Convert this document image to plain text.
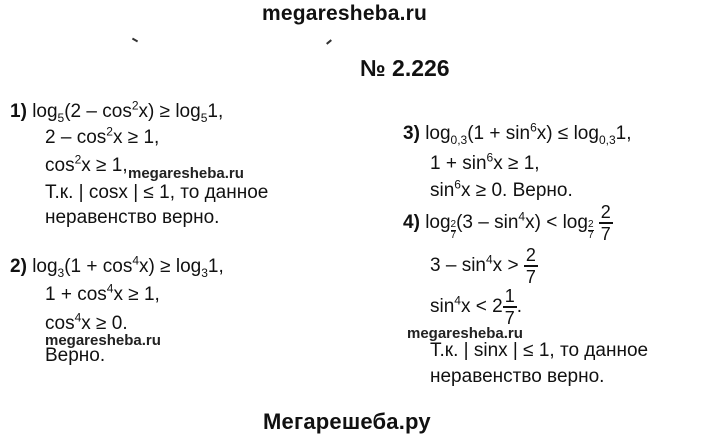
megaresheba.ru
№ 2.226
1) $\log_5(2 - \cos^2x) \ge \log_51$,
$2 - \cos^2x \ge 1$,
$\cos^2x \ge 1$, megaresheba.ru
Т.к. | cosx | ≤ 1, то данное
неравенство верно.
2) $\log_3(1 + \cos^4x) \ge \log_31$,
$1 + \cos^4x \ge 1$,
$\cos^4x \ge 0$.
megaresheba.ru
Верно.
3) $\log_{0,3}(1 + \sin^6x) \le \log_{0,3}1$,
$1 + \sin^6x \ge 1$,
$\sin^6x \ge 0$. Верно.
4) $\log \frac{2}{7}(3 - \sin^4x) < \log \frac{2}{7} \frac{2}{7}$
$3 - \sin^4x > \frac{2}{7}$
$\sin^4x < 2 \frac{1}{7}$ .
megaresheba.ru
Т.к. | sinx | ≤ 1, то данное
неравенство верно.
Мегарешеба.ру
